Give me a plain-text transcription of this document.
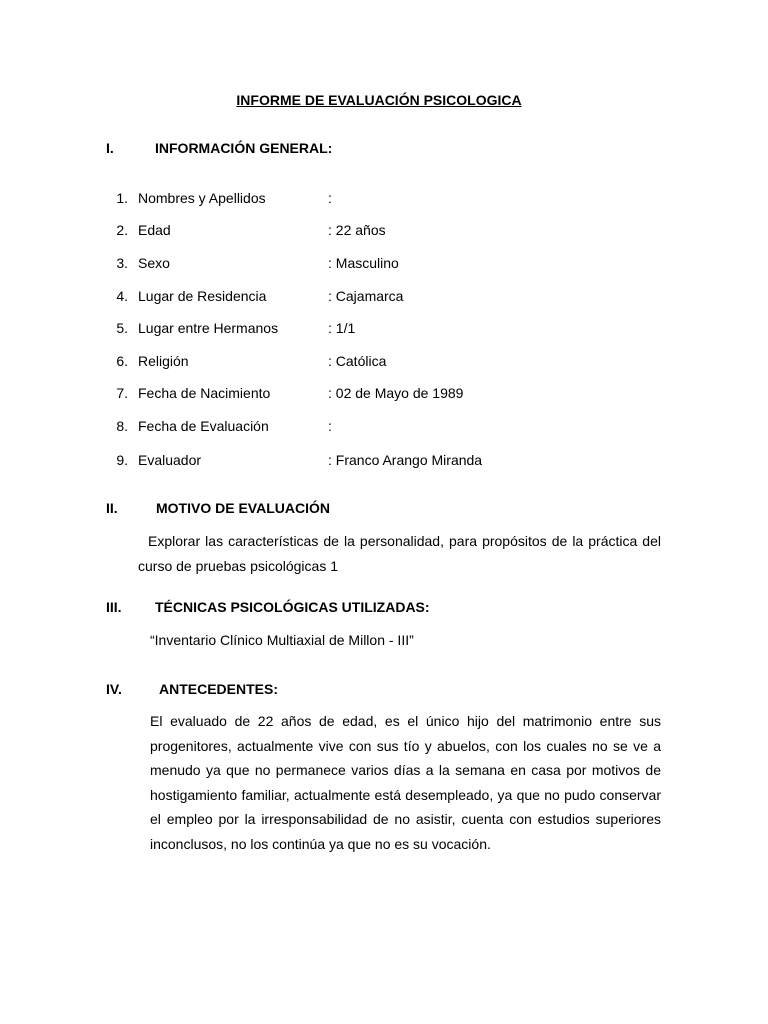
INFORME DE EVALUACIÓN PSICOLOGICA
I.	INFORMACIÓN GENERAL:
1. Nombres y Apellidos	:
2. Edad	: 22 años
3. Sexo	: Masculino
4. Lugar de Residencia	: Cajamarca
5. Lugar entre Hermanos	: 1/1
6. Religión	: Católica
7. Fecha de Nacimiento	: 02 de Mayo de 1989
8. Fecha de Evaluación	:
9. Evaluador	: Franco Arango Miranda
II.	MOTIVO DE EVALUACIÓN
Explorar las características de la personalidad, para propósitos de la práctica del curso de pruebas psicológicas 1
III. TÉCNICAS PSICOLÓGICAS UTILIZADAS:
“Inventario Clínico Multiaxial de Millon - III”
IV.	ANTECEDENTES:
El evaluado de 22 años de edad, es el único hijo del matrimonio entre sus progenitores, actualmente vive con sus tío y abuelos, con los cuales no se ve a menudo ya que no permanece varios días a la semana en casa por motivos de hostigamiento familiar, actualmente está desempleado, ya que no pudo conservar el empleo por la irresponsabilidad de no asistir, cuenta con estudios superiores inconclusos, no los continúa ya que no es su vocación.
